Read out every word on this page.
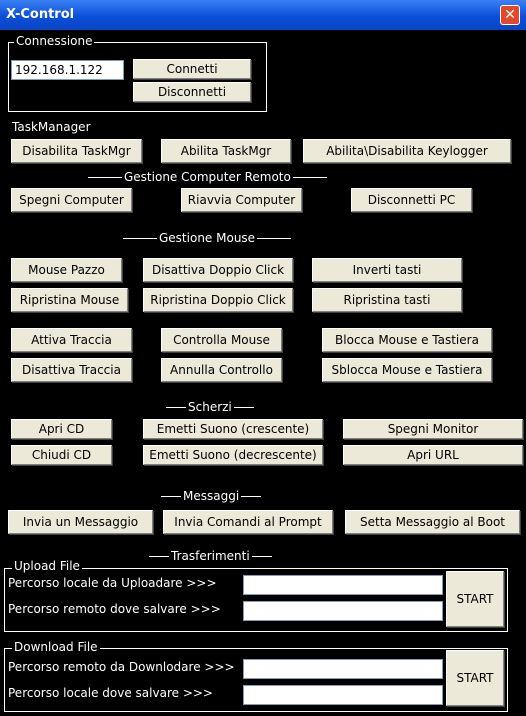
X-Control	✕
Connessione
192.168.1.122
Connetti
Disconnetti
TaskManager
Disabilita TaskMgr	Abilita TaskMgr	Abilita\Disabilita Keylogger
Gestione Computer Remoto
Spegni Computer	Riavvia Computer	Disconnetti PC
Gestione Mouse
Mouse Pazzo	Disattiva Doppio Click	Inverti tasti
Ripristina Mouse	Ripristina Doppio Click	Ripristina tasti
Attiva Traccia	Controlla Mouse	Blocca Mouse e Tastiera
Disattiva Traccia	Annulla Controllo	Sblocca Mouse e Tastiera
Scherzi
Apri CD	Emetti Suono (crescente)	Spegni Monitor
Chiudi CD	Emetti Suono (decrescente)	Apri URL
Messaggi
Invia un Messaggio	Invia Comandi al Prompt	Setta Messaggio al Boot
Trasferimenti
Upload File
Percorso locale da Uploadare >>>
Percorso remoto dove salvare >>>
START
Download File
Percorso remoto da Downlodare >>>
Percorso locale dove salvare >>>
START
